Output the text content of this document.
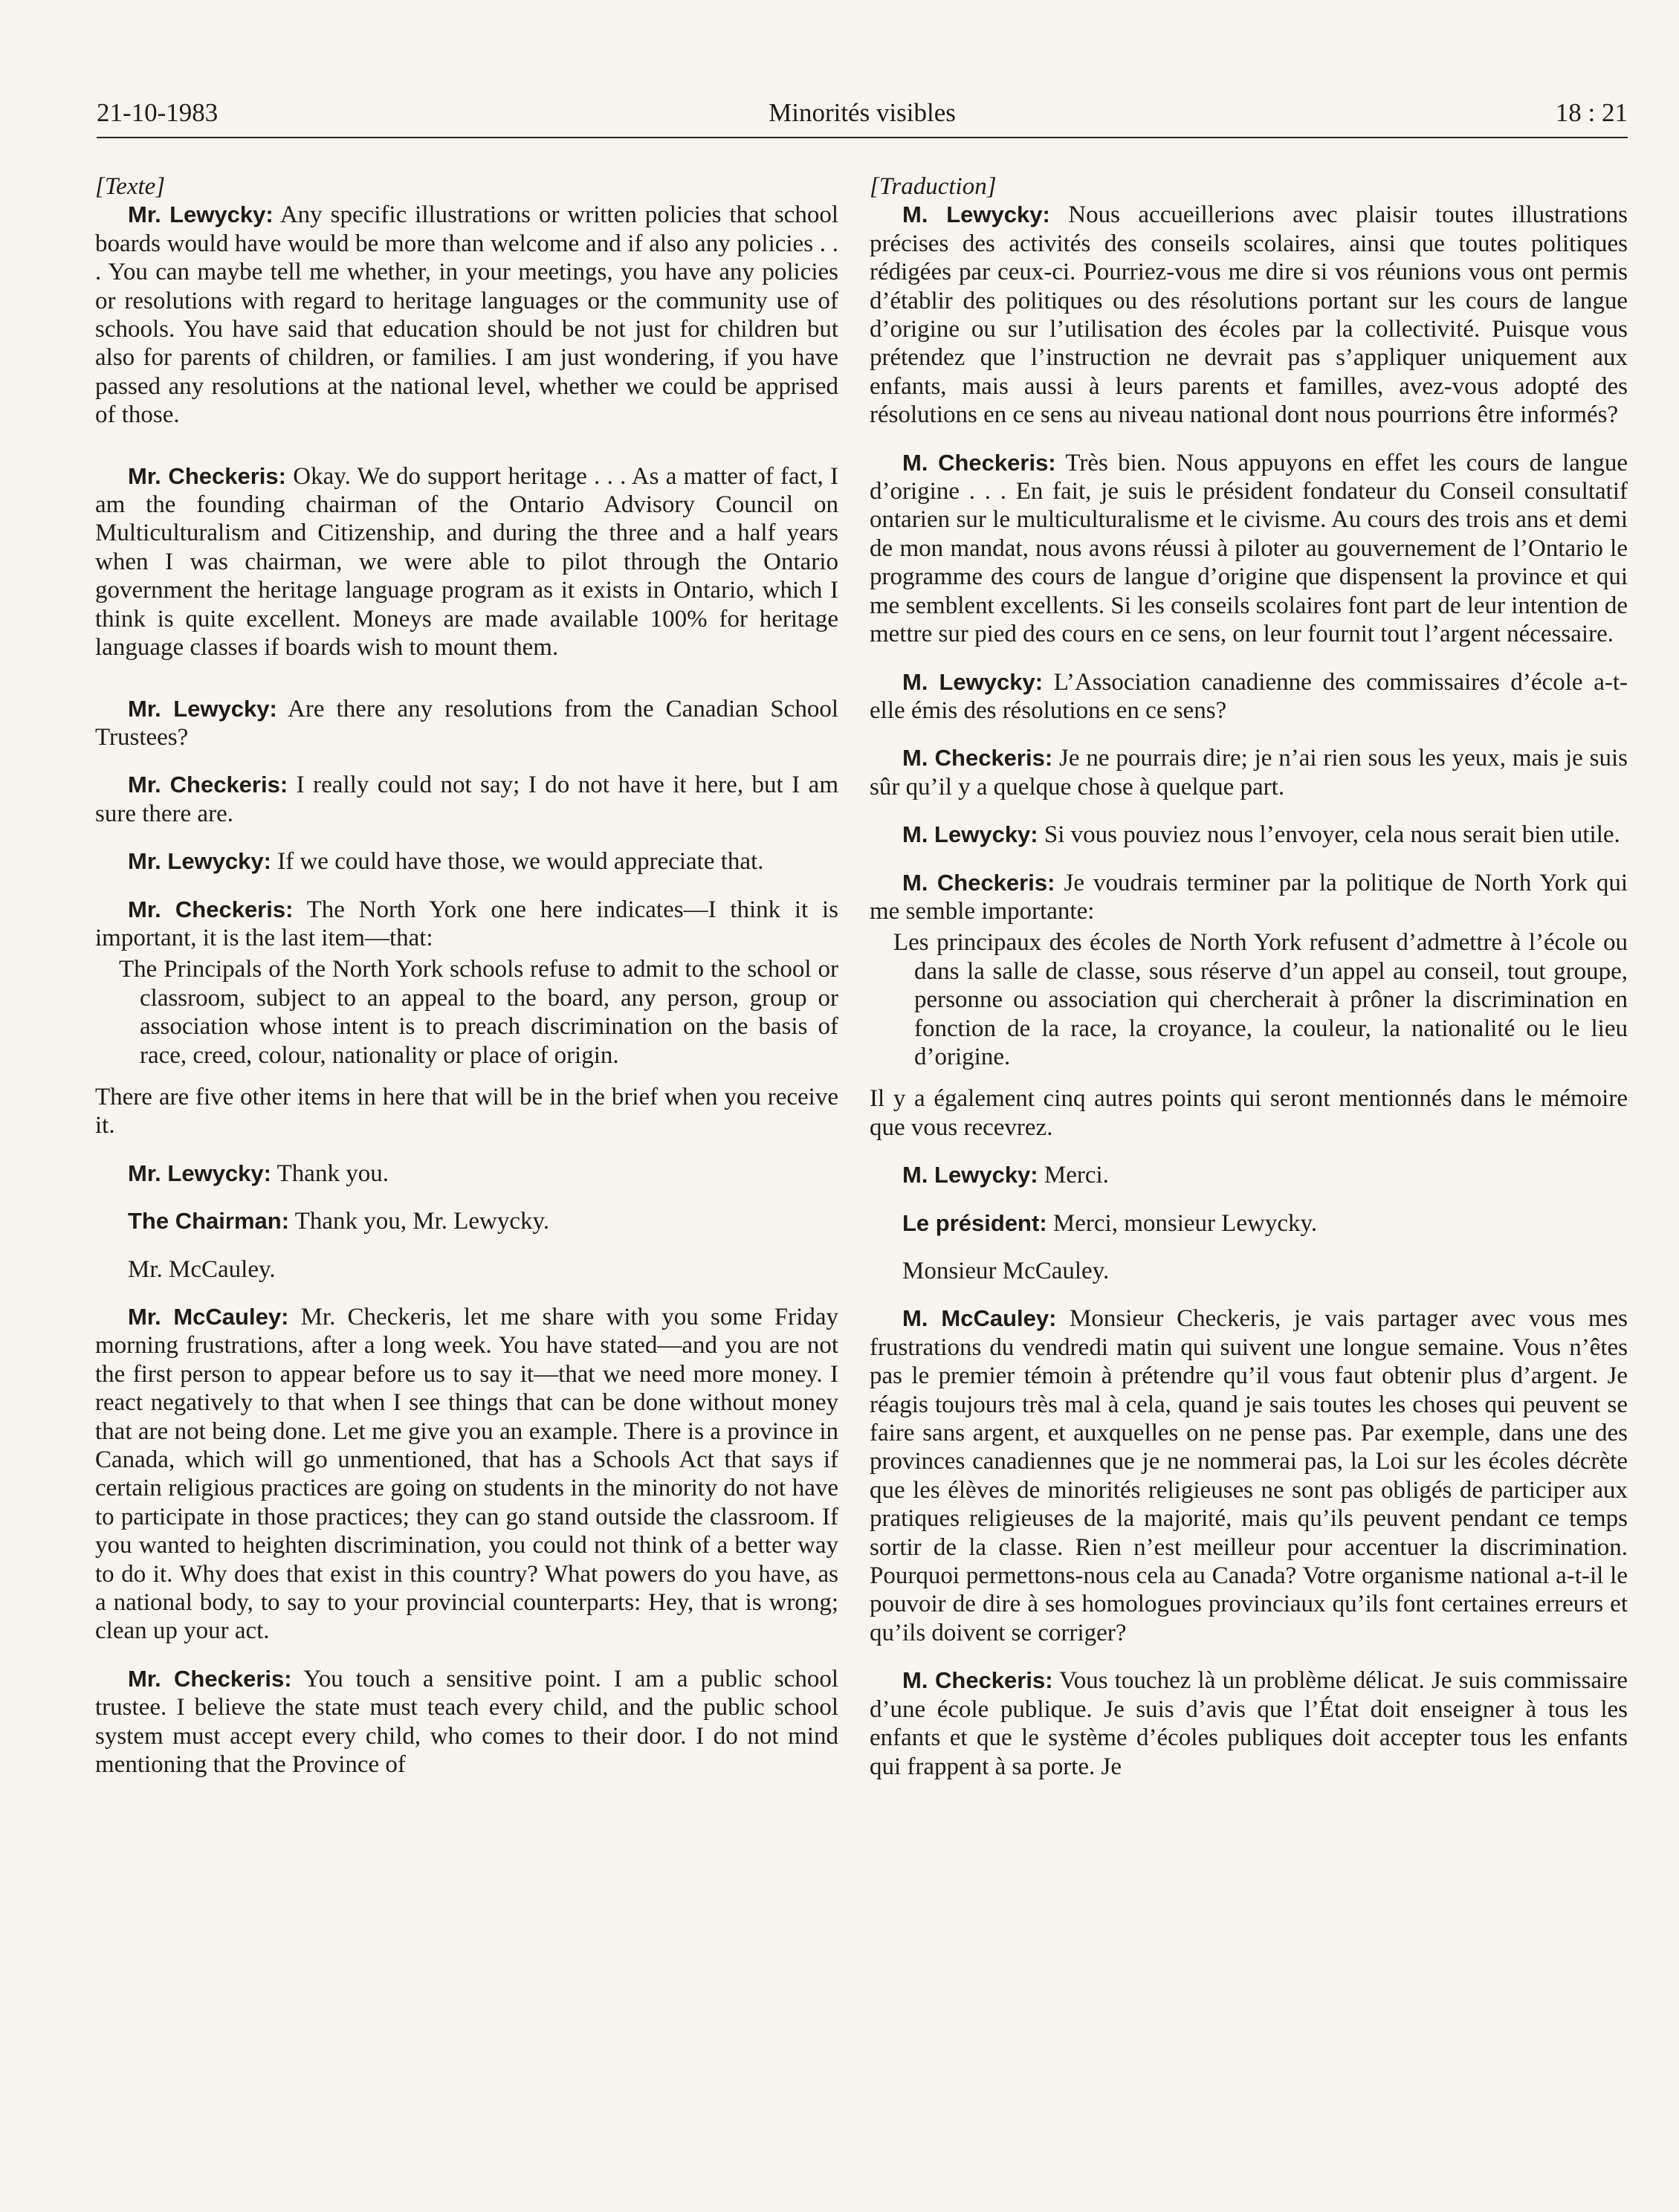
21-10-1983	Minorités visibles	18 : 21

[Texte]

Mr. Lewycky: Any specific illustrations or written policies that school boards would have would be more than welcome and if also any policies . . . You can maybe tell me whether, in your meetings, you have any policies or resolutions with regard to heritage languages or the community use of schools. You have said that education should be not just for children but also for parents of children, or families. I am just wondering, if you have passed any resolutions at the national level, whether we could be apprised of those.

Mr. Checkeris: Okay. We do support heritage . . . As a matter of fact, I am the founding chairman of the Ontario Advisory Council on Multiculturalism and Citizenship, and during the three and a half years when I was chairman, we were able to pilot through the Ontario government the heritage language program as it exists in Ontario, which I think is quite excellent. Moneys are made available 100% for heritage language classes if boards wish to mount them.

Mr. Lewycky: Are there any resolutions from the Canadian School Trustees?

Mr. Checkeris: I really could not say; I do not have it here, but I am sure there are.

Mr. Lewycky: If we could have those, we would appreciate that.

Mr. Checkeris: The North York one here indicates—I think it is important, it is the last item—that:

The Principals of the North York schools refuse to admit to the school or classroom, subject to an appeal to the board, any person, group or association whose intent is to preach discrimination on the basis of race, creed, colour, nationality or place of origin.

There are five other items in here that will be in the brief when you receive it.

Mr. Lewycky: Thank you.

The Chairman: Thank you, Mr. Lewycky.

Mr. McCauley.

Mr. McCauley: Mr. Checkeris, let me share with you some Friday morning frustrations, after a long week. You have stated—and you are not the first person to appear before us to say it—that we need more money. I react negatively to that when I see things that can be done without money that are not being done. Let me give you an example. There is a province in Canada, which will go unmentioned, that has a Schools Act that says if certain religious practices are going on students in the minority do not have to participate in those practices; they can go stand outside the classroom. If you wanted to heighten discrimination, you could not think of a better way to do it. Why does that exist in this country? What powers do you have, as a national body, to say to your provincial counterparts: Hey, that is wrong; clean up your act.

Mr. Checkeris: You touch a sensitive point. I am a public school trustee. I believe the state must teach every child, and the public school system must accept every child, who comes to their door. I do not mind mentioning that the Province of

[Traduction]

M. Lewycky: Nous accueillerions avec plaisir toutes illustrations précises des activités des conseils scolaires, ainsi que toutes politiques rédigées par ceux-ci. Pourriez-vous me dire si vos réunions vous ont permis d’établir des politiques ou des résolutions portant sur les cours de langue d’origine ou sur l’utilisation des écoles par la collectivité. Puisque vous prétendez que l’instruction ne devrait pas s’appliquer uniquement aux enfants, mais aussi à leurs parents et familles, avez-vous adopté des résolutions en ce sens au niveau national dont nous pourrions être informés?

M. Checkeris: Très bien. Nous appuyons en effet les cours de langue d’origine . . . En fait, je suis le président fondateur du Conseil consultatif ontarien sur le multiculturalisme et le civisme. Au cours des trois ans et demi de mon mandat, nous avons réussi à piloter au gouvernement de l’Ontario le programme des cours de langue d’origine que dispensent la province et qui me semblent excellents. Si les conseils scolaires font part de leur intention de mettre sur pied des cours en ce sens, on leur fournit tout l’argent nécessaire.

M. Lewycky: L’Association canadienne des commissaires d’école a-t-elle émis des résolutions en ce sens?

M. Checkeris: Je ne pourrais dire; je n’ai rien sous les yeux, mais je suis sûr qu’il y a quelque chose à quelque part.

M. Lewycky: Si vous pouviez nous l’envoyer, cela nous serait bien utile.

M. Checkeris: Je voudrais terminer par la politique de North York qui me semble importante:

Les principaux des écoles de North York refusent d’admettre à l’école ou dans la salle de classe, sous réserve d’un appel au conseil, tout groupe, personne ou association qui chercherait à prôner la discrimination en fonction de la race, la croyance, la couleur, la nationalité ou le lieu d’origine.

Il y a également cinq autres points qui seront mentionnés dans le mémoire que vous recevrez.

M. Lewycky: Merci.

Le président: Merci, monsieur Lewycky.

Monsieur McCauley.

M. McCauley: Monsieur Checkeris, je vais partager avec vous mes frustrations du vendredi matin qui suivent une longue semaine. Vous n’êtes pas le premier témoin à prétendre qu’il vous faut obtenir plus d’argent. Je réagis toujours très mal à cela, quand je sais toutes les choses qui peuvent se faire sans argent, et auxquelles on ne pense pas. Par exemple, dans une des provinces canadiennes que je ne nommerai pas, la Loi sur les écoles décrète que les élèves de minorités religieuses ne sont pas obligés de participer aux pratiques religieuses de la majorité, mais qu’ils peuvent pendant ce temps sortir de la classe. Rien n’est meilleur pour accentuer la discrimination. Pourquoi permettons-nous cela au Canada? Votre organisme national a-t-il le pouvoir de dire à ses homologues provinciaux qu’ils font certaines erreurs et qu’ils doivent se corriger?

M. Checkeris: Vous touchez là un problème délicat. Je suis commissaire d’une école publique. Je suis d’avis que l’État doit enseigner à tous les enfants et que le système d’écoles publiques doit accepter tous les enfants qui frappent à sa porte. Je
